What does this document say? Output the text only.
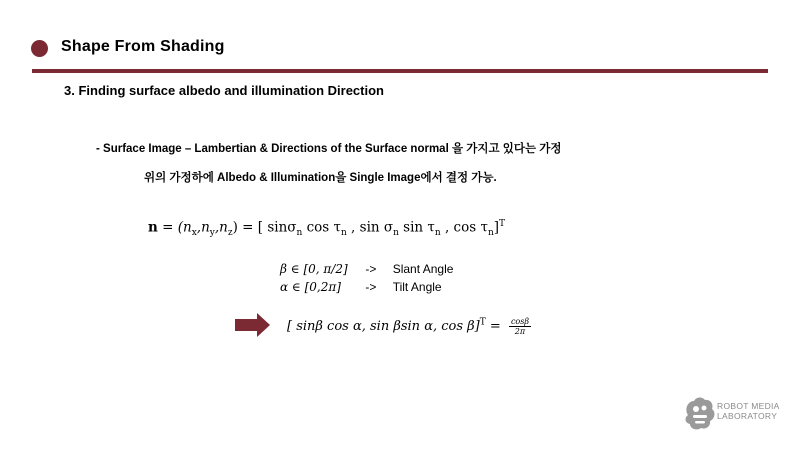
Shape From Shading
3. Finding surface albedo and illumination Direction
- Surface Image – Lambertian & Directions of the Surface normal 을 가지고 있다는 가정
위의 가정하에 Albedo & Illumination을 Single Image에서 결정 가능.
$n = (n_x,n_y,n_z)$ = [ sinσ$_n$ $\cos \tau_n$ , $\sin \sigma_n$ $\sin \tau_n$ , $\cos \tau_n]^T$
β ∈ [0, π/2] -> Slant Angle
α ∈ [0,2π] -> Tilt Angle
[ sinβ cos α, sin βsin α, $\cos \beta]^T = \frac{\cos\beta}{2\pi}$
ROBOT MEDIA
LABORATORY
